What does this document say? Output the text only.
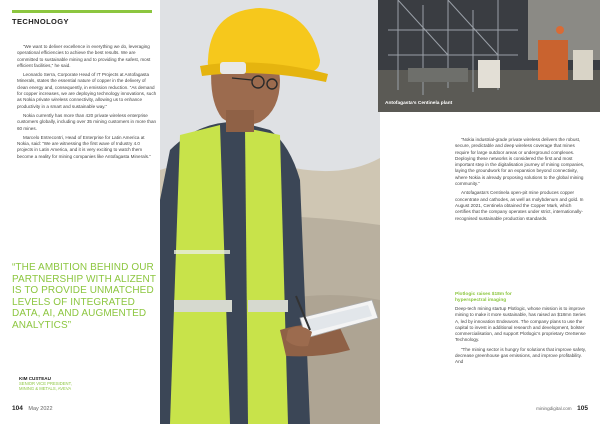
TECHNOLOGY

“We want to deliver excellence in everything we do, leveraging operational efficiencies to achieve the best results. We are committed to sustainable mining and to providing the safest, most efficient facilities,” he said.

Leonardo Serra, Corporate Head of IT Projects at Antofagasta Minerals, states the essential nature of copper in the delivery of clean energy and, consequently, in emission reduction. “As demand for copper increases, we are deploying technology innovations, such as Nokia private wireless connectivity, allowing us to enhance productivity in a smart and sustainable way.”

Nokia currently has more than 420 private wireless enterprise customers globally, including over 35 mining customers in more than 60 mines.

Marcelo Entrecontri, Head of Enterprise for Latin America at Nokia, said: “We are witnessing the first wave of Industry 4.0 projects in Latin America, and it is very exciting to watch them become a reality for mining companies like Antofagasta Minerals.”

“THE AMBITION BEHIND OUR PARTNERSHIP WITH ALIZENT IS TO PROVIDE UNMATCHED LEVELS OF INTEGRATED DATA, AI, AND AUGMENTED ANALYTICS”
KIM CUSTEAU
SENIOR VICE PRESIDENT,
MINING & METALS, AVEVA
104 May 2022
Antofagasta’s Centinela plant

“Nokia industrial-grade private wireless delivers the robust, secure, predictable and deep wireless coverage that mines require for large outdoor areas or underground complexes. Deploying these networks is considered the first and most important step in the digitalisation journey of mining companies, laying the groundwork for an expansion beyond connectivity, where Nokia is already proposing solutions to the global mining community.”

Antofagasta’s Centinela open-pit mine produces copper concentrate and cathodes, as well as molybdenum and gold. In August 2021, Centinela obtained the Copper Mark, which certifies that the company operates under strict, internationally-recognised sustainable production standards.

Plotlogic raises $18m for
hyperspectral imaging

Deep-tech mining startup Plotlogic, whose mission is to improve mining to make it more sustainable, has raised an $18mn Series A, led by innovation Endeavors. The company plans to use the capital to invest in additional research and development, bolster commercialisation, and support Plotlogic’s proprietary OreSense Technology.

“The mining sector is hungry for solutions that improve safety, decrease greenhouse gas emissions, and improve profitability. And

miningdigital.com 105
